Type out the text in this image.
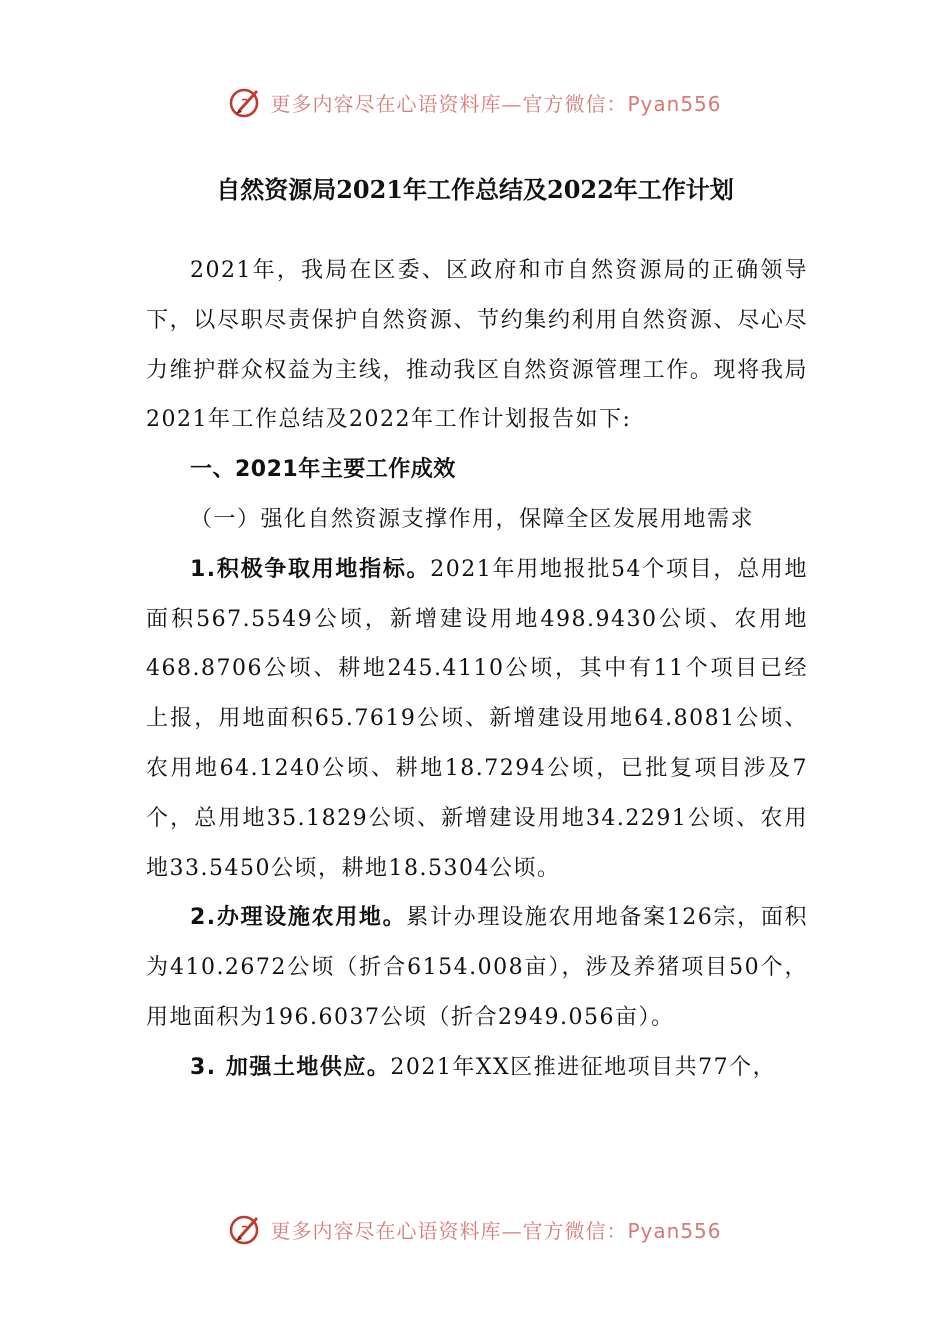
更多内容尽在心语资料库—官方微信：Pyan556
自然资源局2021年工作总结及2022年工作计划

2021年，我局在区委、区政府和市自然资源局的正确领导下，以尽职尽责保护自然资源、节约集约利用自然资源、尽心尽力维护群众权益为主线，推动我区自然资源管理工作。现将我局2021年工作总结及2022年工作计划报告如下:

一、2021年主要工作成效

（一）强化自然资源支撑作用，保障全区发展用地需求

1.积极争取用地指标。2021年用地报批54个项目，总用地面积567.5549公顷，新增建设用地498.9430公顷、农用地468.8706公顷、耕地245.4110公顷，其中有11个项目已经上报，用地面积65.7619公顷、新增建设用地64.8081公顷、农用地64.1240公顷、耕地18.7294公顷，已批复项目涉及7个，总用地35.1829公顷、新增建设用地34.2291公顷、农用地33.5450公顷，耕地18.5304公顷。

2.办理设施农用地。累计办理设施农用地备案126宗，面积为410.2672公顷（折合6154.008亩），涉及养猪项目50个，用地面积为196.6037公顷（折合2949.056亩）。

3. 加强土地供应。2021年XX区推进征地项目共77个，

更多内容尽在心语资料库—官方微信：Pyan556
